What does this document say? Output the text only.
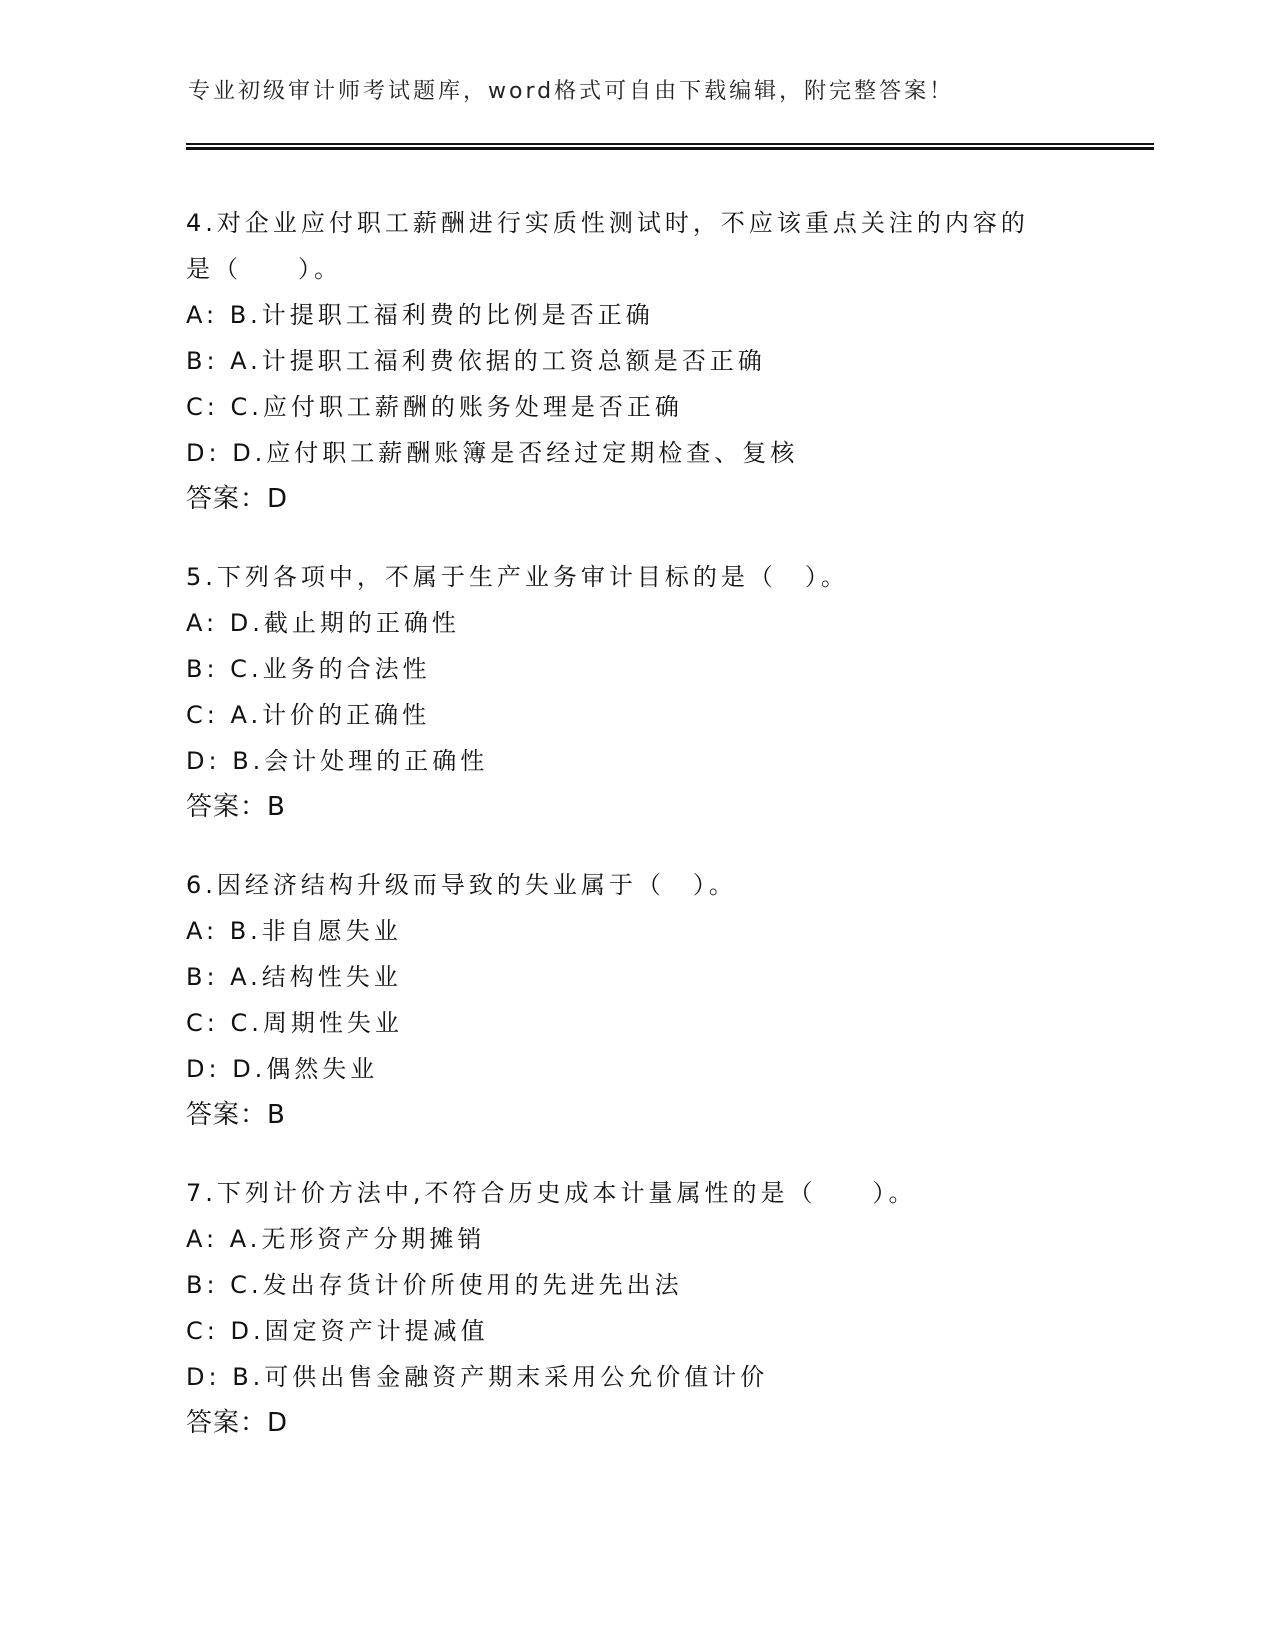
专业初级审计师考试题库，word格式可自由下载编辑，附完整答案！
4.对企业应付职工薪酬进行实质性测试时，不应该重点关注的内容的是（　　）。
A: B.计提职工福利费的比例是否正确
B: A.计提职工福利费依据的工资总额是否正确
C: C.应付职工薪酬的账务处理是否正确
D: D.应付职工薪酬账簿是否经过定期检查、复核
答案：D
5.下列各项中，不属于生产业务审计目标的是（　）。
A: D.截止期的正确性
B: C.业务的合法性
C: A.计价的正确性
D: B.会计处理的正确性
答案：B
6.因经济结构升级而导致的失业属于（　）。
A: B.非自愿失业
B: A.结构性失业
C: C.周期性失业
D: D.偶然失业
答案：B
7.下列计价方法中,不符合历史成本计量属性的是（　　）。
A: A.无形资产分期摊销
B: C.发出存货计价所使用的先进先出法
C: D.固定资产计提减值
D: B.可供出售金融资产期末采用公允价值计价
答案：D
